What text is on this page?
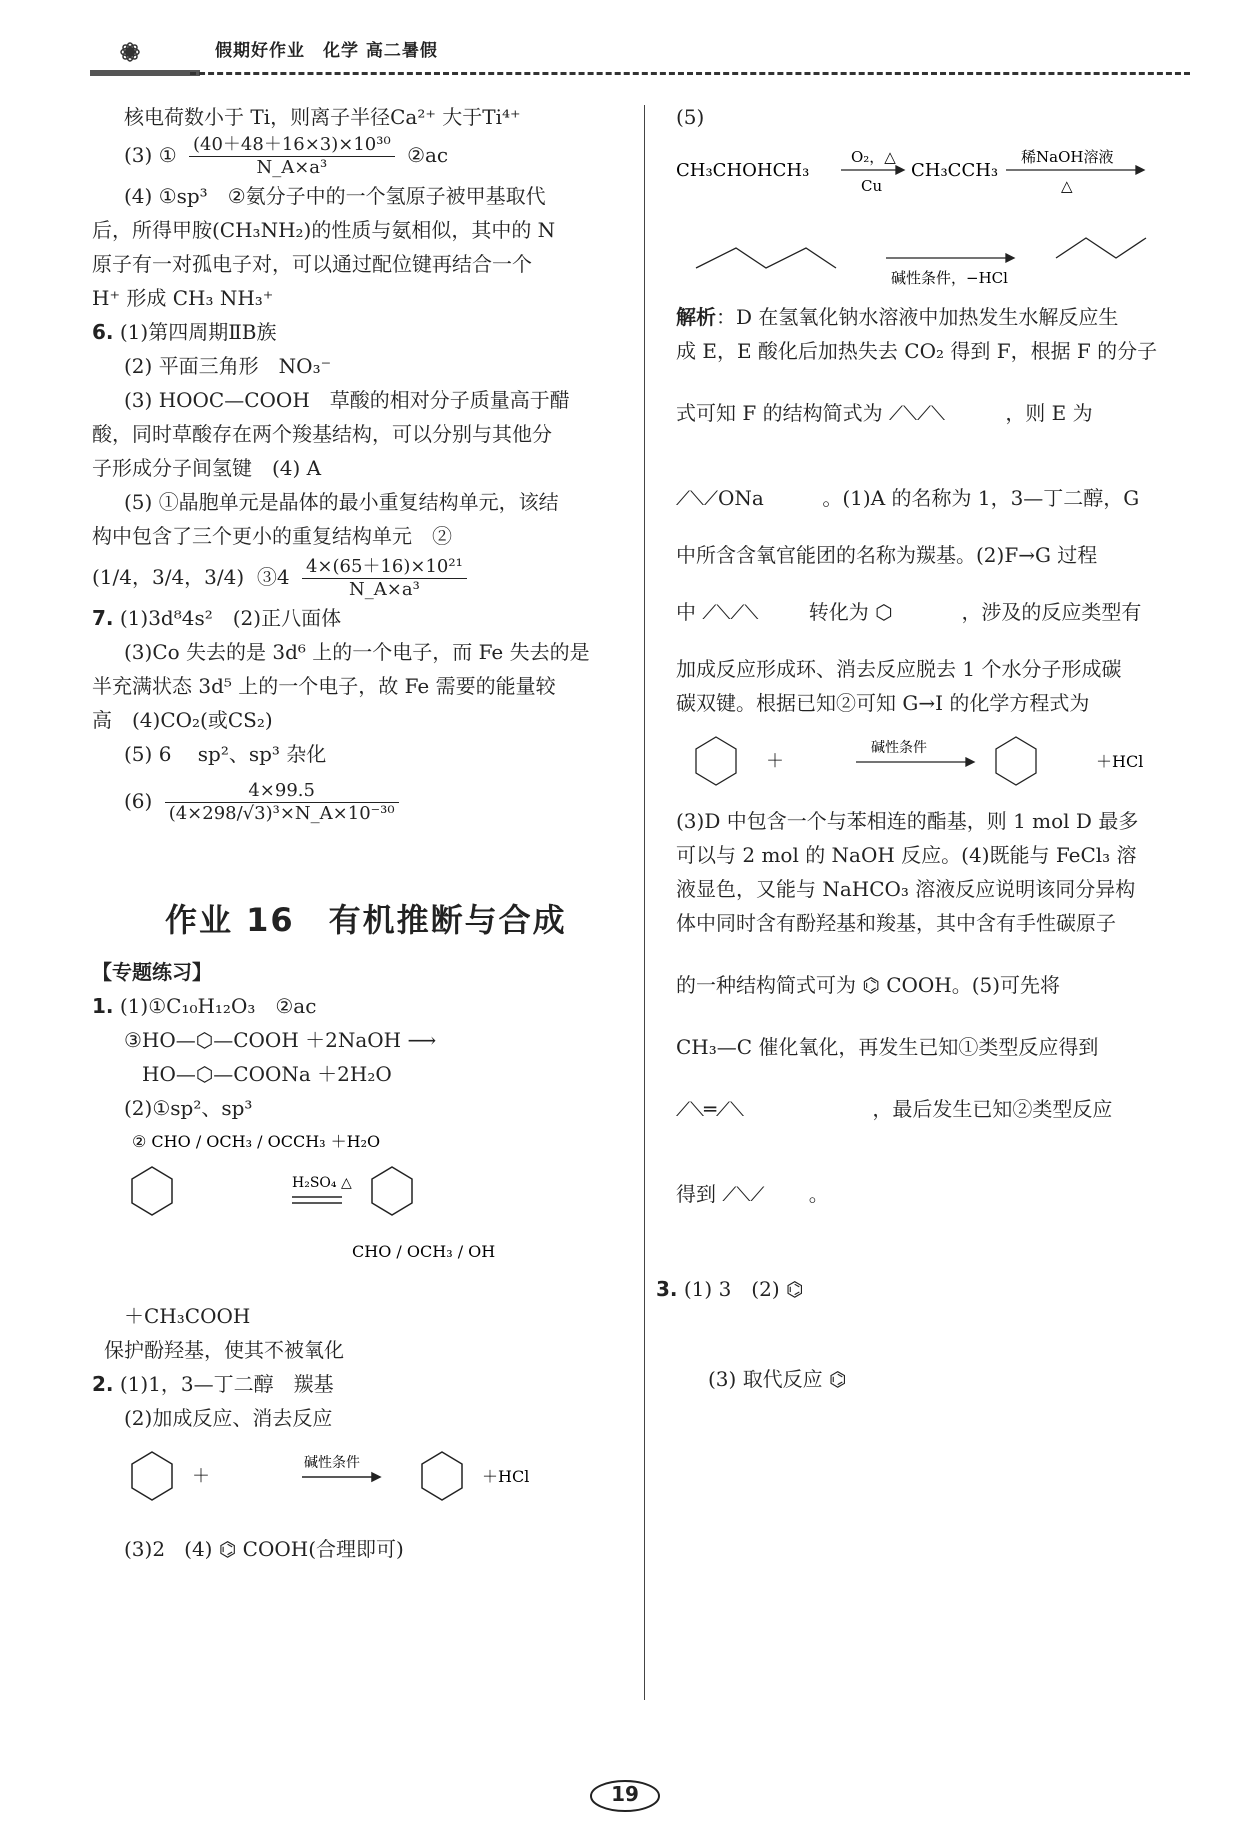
假期好作业　化学 高二暑假
核电荷数小于 Ti，则离子半径Ca²⁺ 大于Ti⁴⁺
(3) ① $\frac{\text{(40＋48＋16×3)×10³⁰}}{\text{N\_A×a³}}$ ②ac
(4) ①sp³　②氨分子中的一个氢原子被甲基取代
后，所得甲胺(CH₃NH₂)的性质与氨相似，其中的 N
原子有一对孤电子对，可以通过配位键再结合一个
H⁺ 形成 CH₃ NH₃⁺
6. (1)第四周期ⅡB族
(2) 平面三角形　NO₃⁻
(3) HOOC—COOH　草酸的相对分子质量高于醋
酸，同时草酸存在两个羧基结构，可以分别与其他分
子形成分子间氢键　(4) A
(5) ①晶胞单元是晶体的最小重复结构单元，该结
构中包含了三个更小的重复结构单元　②
(1/4，3/4，3/4) ③4 $\frac{\text{4×(65＋16)×10²¹}}{\text{N\_A×a³}}$
7. (1)3d⁸4s²　(2)正八面体
(3)Co 失去的是 3d⁶ 上的一个电子，而 Fe 失去的是
半充满状态 3d⁵ 上的一个电子，故 Fe 需要的能量较
高　(4)CO₂(或CS₂)
(5) 6　 sp²、sp³ 杂化
$(6) \frac{4\times 99.5}{\text{(4×298/√3)³×N\_A×10⁻³⁰}}$
作业 16　有机推断与合成
【专题练习】
1. (1)①C₁₀H₁₂O₃　②ac
③HO—⬡—COOH ＋2NaOH ⟶
HO—⬡—COONa ＋2H₂O
(2)①sp²、sp³
② CHO / OCH₃ / OCCH₃ ＋H₂O
H₂SO₄ △
CHO / OCH₃ / OH
＋CH₃COOH
保护酚羟基，使其不被氧化
2. (1)1，3—丁二醇　羰基
(2)加成反应、消去反应
＋
碱性条件
＋HCl
(3)2 (4) ⌬ COOH(合理即可)
(5)
CH₃CHOHCH₃
O₂，△
Cu
CH₃CCH₃
稀NaOH溶液
△
碱性条件，−HCl
解析：D 在氢氧化钠水溶液中加热发生水解反应生
成 E，E 酸化后加热失去 CO₂ 得到 F，根据 F 的分子
式可知 F 的结构简式为 ⟋⟍⟋⟍	，则 E 为
⟋⟍⟋ONa	。(1)A 的名称为 1，3—丁二醇，G
中所含含氧官能团的名称为羰基。(2)F→G 过程
中 ⟋⟍⟋⟍	转化为 ⬡	，涉及的反应类型有
加成反应形成环、消去反应脱去 1 个水分子形成碳
碳双键。根据已知②可知 G→I 的化学方程式为
＋
碱性条件
＋HCl
(3)D 中包含一个与苯相连的酯基，则 1 mol D 最多
可以与 2 mol 的 NaOH 反应。(4)既能与 FeCl₃ 溶
液显色，又能与 NaHCO₃ 溶液反应说明该同分异构
体中同时含有酚羟基和羧基，其中含有手性碳原子
的一种结构简式可为 ⌬ COOH。(5)可先将
CH₃—C 催化氧化，再发生已知①类型反应得到
⟋⟍═⟋⟍	，最后发生已知②类型反应
得到 ⟋⟍⟋ 。
3. (1) 3　(2) ⌬
(3) 取代反应 ⌬
19
